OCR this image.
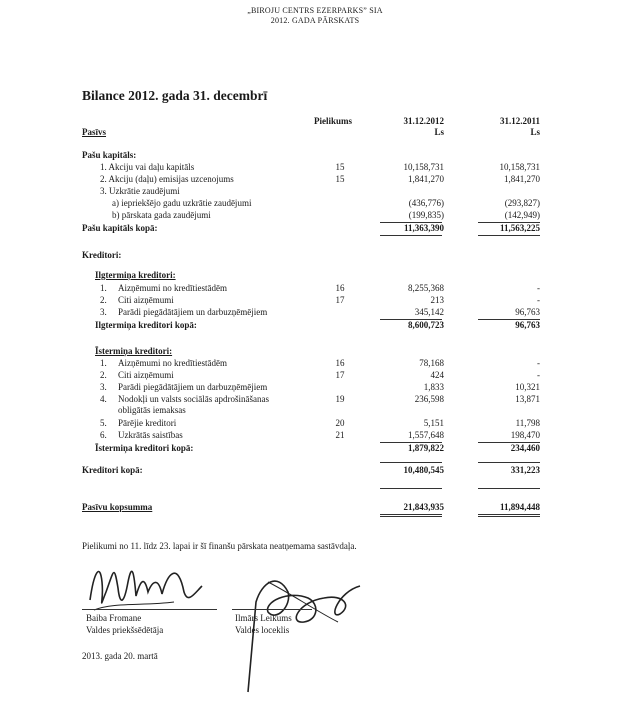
„BIROJU CENTRS EZERPARKS” SIA
2012. GADA PĀRSKATS
Bilance 2012. gada 31. decembrī
Pielikums	31.12.2012	31.12.2011
Ls	Ls
Pasīvs
Pašu kapitāls:
1. Akciju vai daļu kapitāls	15	10,158,731	10,158,731
2. Akciju (daļu) emisijas uzcenojums	15	1,841,270	1,841,270
3. Uzkrātie zaudējumi
a) iepriekšējo gadu uzkrātie zaudējumi	(436,776)	(293,827)
b) pārskata gada zaudējumi	(199,835)	(142,949)
Pašu kapitāls kopā:	11,363,390	11,563,225
Kreditori:
Ilgtermiņa kreditori:
1. Aizņēmumi no kredītiestādēm	16	8,255,368	-
2. Citi aizņēmumi	17	213	-
3. Parādi piegādātājiem un darbuzņēmējiem	345,142	96,763
Ilgtermiņa kreditori kopā:	8,600,723	96,763
Īstermiņa kreditori:
1. Aizņēmumi no kredītiestādēm	16	78,168	-
2. Citi aizņēmumi	17	424	-
3. Parādi piegādātājiem un darbuzņēmējiem	1,833	10,321
4. Nodokļi un valsts sociālās apdrošināšanas	19	236,598	13,871
obligātās iemaksas
5. Pārējie kreditori	20	5,151	11,798
6. Uzkrātās saistības	21	1,557,648	198,470
Īstermiņa kreditori kopā:	1,879,822	234,460
Kreditori kopā:	10,480,545	331,223
Pasīvu kopsumma	21,843,935	11,894,448
Pielikumi no 11. līdz 23. lapai ir šī finanšu pārskata neatņemama sastāvdaļa.
Baiba Fromane
Valdes priekšsēdētāja
Ilmārs Leikums
Valdes loceklis
2013. gada 20. martā
